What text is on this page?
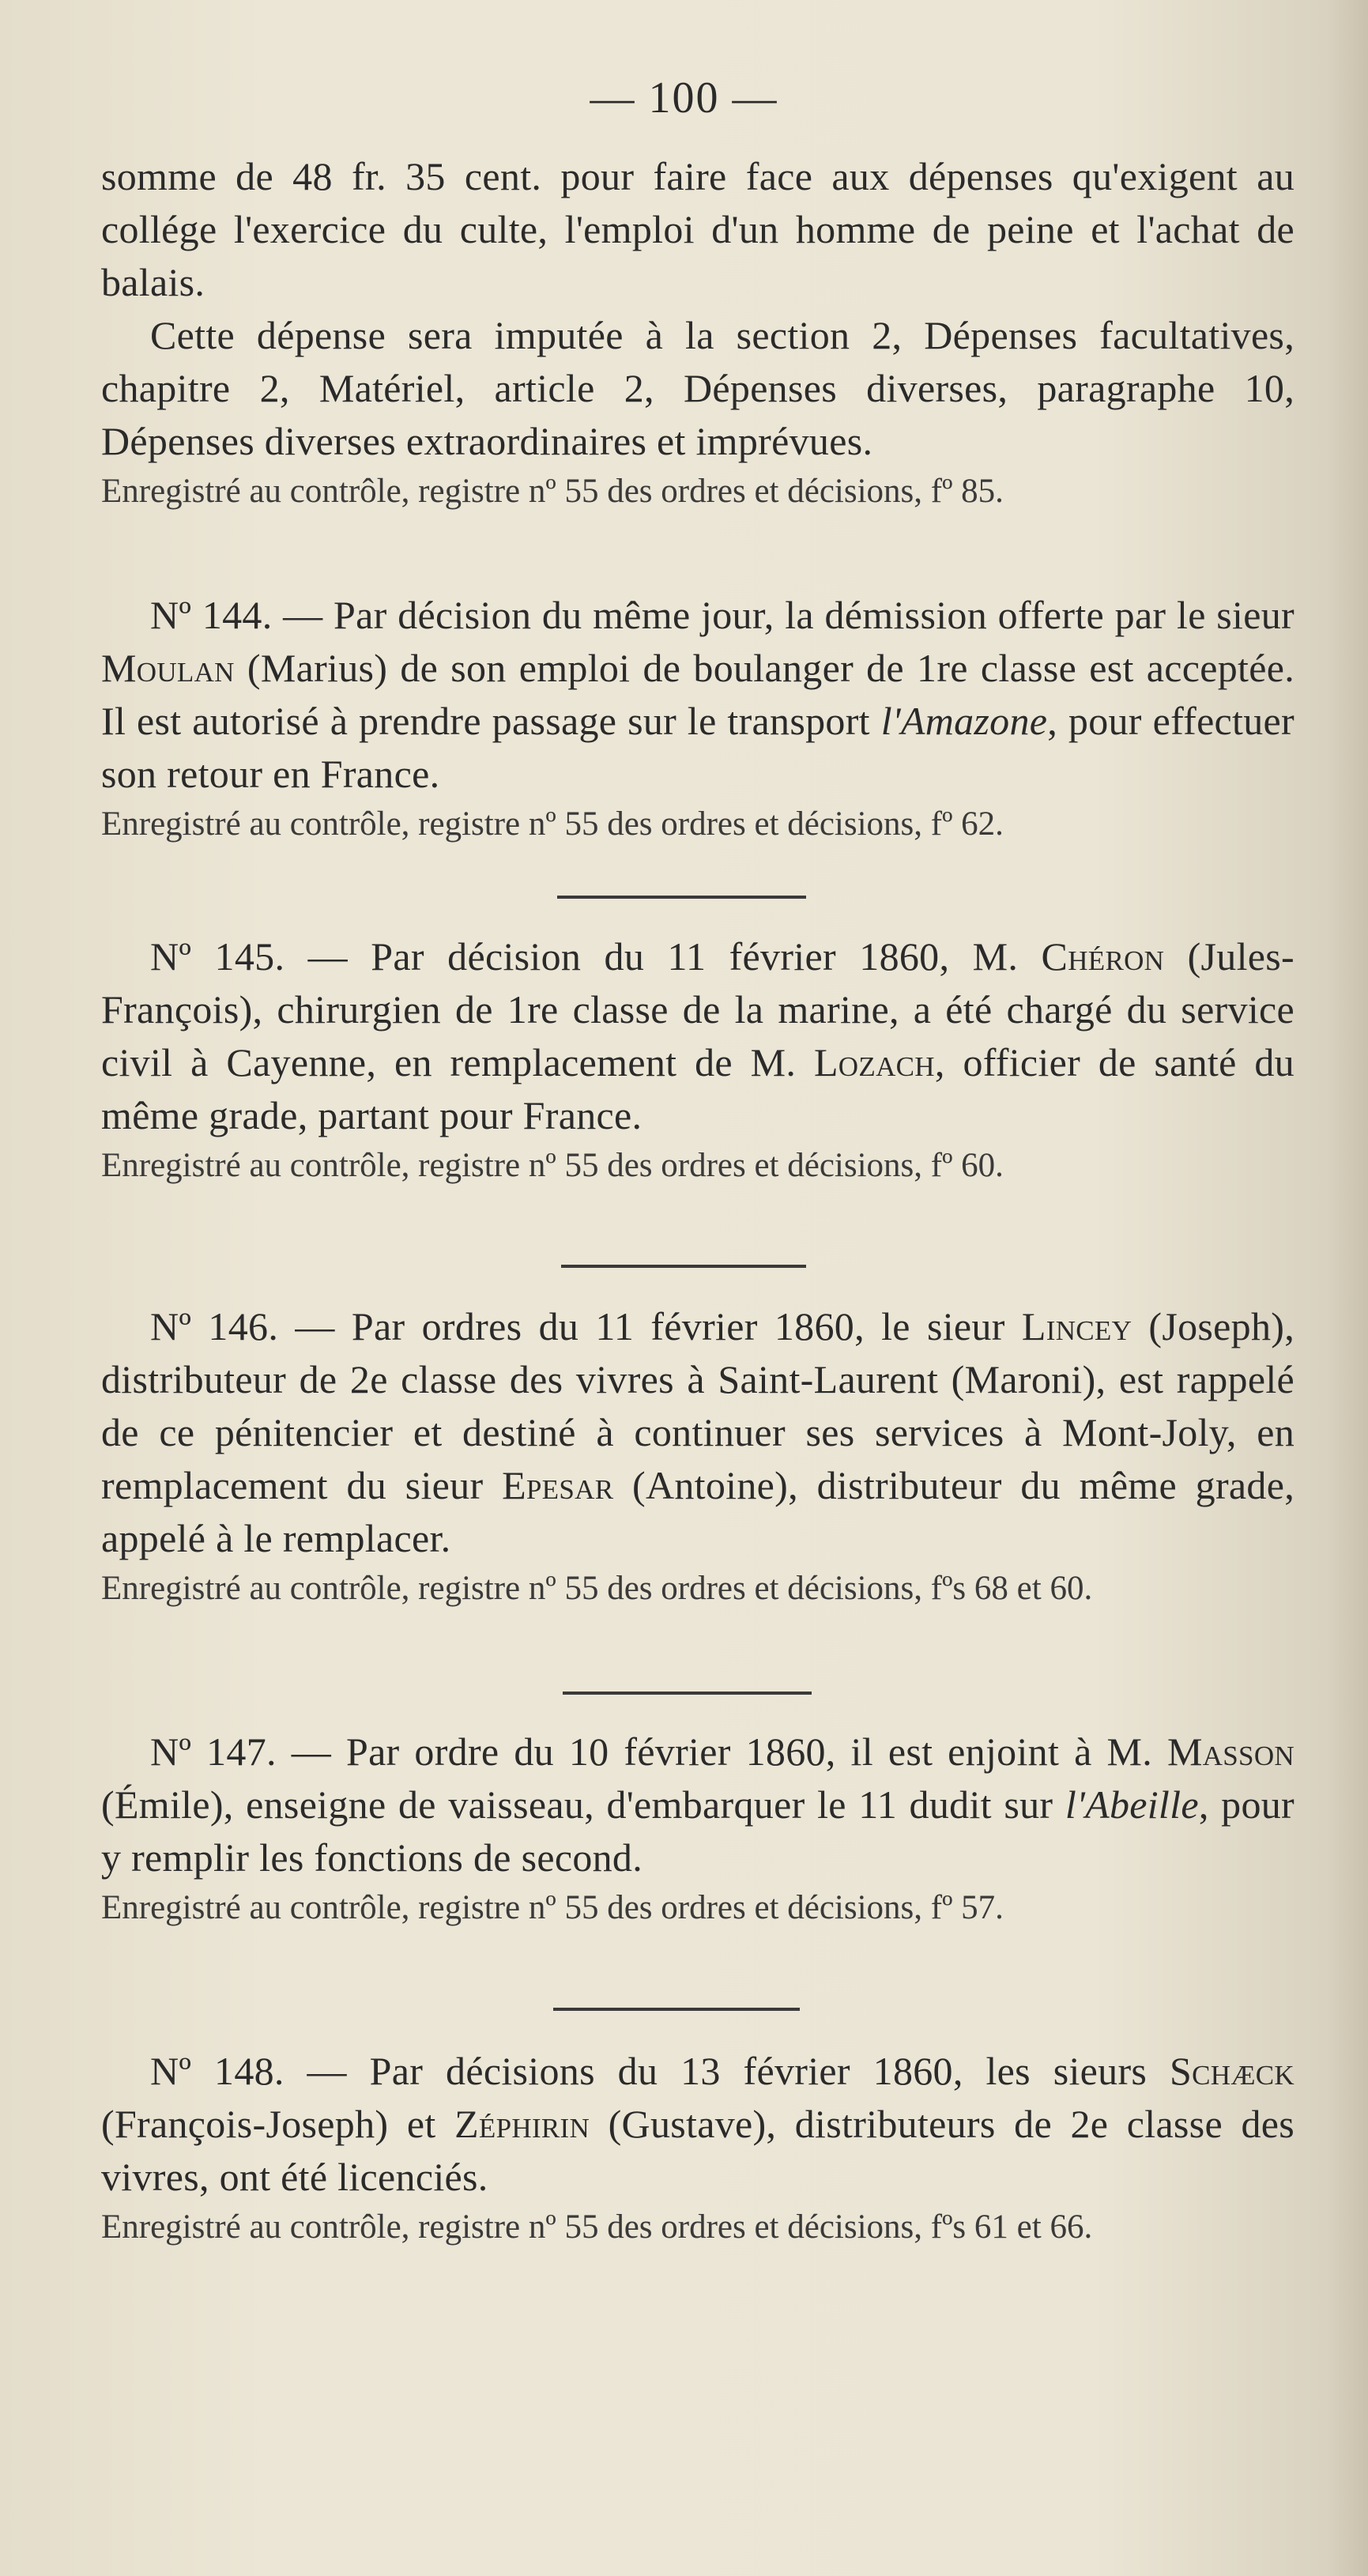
— 100 —

somme de 48 fr. 35 cent. pour faire face aux dépenses qu'exigent au collége l'exercice du culte, l'emploi d'un homme de peine et l'achat de balais.

Cette dépense sera imputée à la section 2, Dépenses facultatives, chapitre 2, Matériel, article 2, Dépenses diverses, paragraphe 10, Dépenses diverses extraordinaires et imprévues.

Enregistré au contrôle, registre nº 55 des ordres et décisions, fº 85.

Nº 144. — Par décision du même jour, la démission offerte par le sieur Moulan (Marius) de son emploi de boulanger de 1re classe est acceptée. Il est autorisé à prendre passage sur le transport l'Amazone, pour effectuer son retour en France.

Enregistré au contrôle, registre nº 55 des ordres et décisions, fº 62.

Nº 145. — Par décision du 11 février 1860, M. Chéron (Jules-François), chirurgien de 1re classe de la marine, a été chargé du service civil à Cayenne, en remplacement de M. Lozach, officier de santé du même grade, partant pour France.

Enregistré au contrôle, registre nº 55 des ordres et décisions, fº 60.

Nº 146. — Par ordres du 11 février 1860, le sieur Lincey (Joseph), distributeur de 2e classe des vivres à Saint-Laurent (Maroni), est rappelé de ce pénitencier et destiné à continuer ses services à Mont-Joly, en remplacement du sieur Epesar (Antoine), distributeur du même grade, appelé à le remplacer.

Enregistré au contrôle, registre nº 55 des ordres et décisions, fºs 68 et 60.

Nº 147. — Par ordre du 10 février 1860, il est enjoint à M. Masson (Émile), enseigne de vaisseau, d'embarquer le 11 dudit sur l'Abeille, pour y remplir les fonctions de second.

Enregistré au contrôle, registre nº 55 des ordres et décisions, fº 57.

Nº 148. — Par décisions du 13 février 1860, les sieurs Schæck (François-Joseph) et Zéphirin (Gustave), distributeurs de 2e classe des vivres, ont été licenciés.

Enregistré au contrôle, registre nº 55 des ordres et décisions, fºs 61 et 66.
